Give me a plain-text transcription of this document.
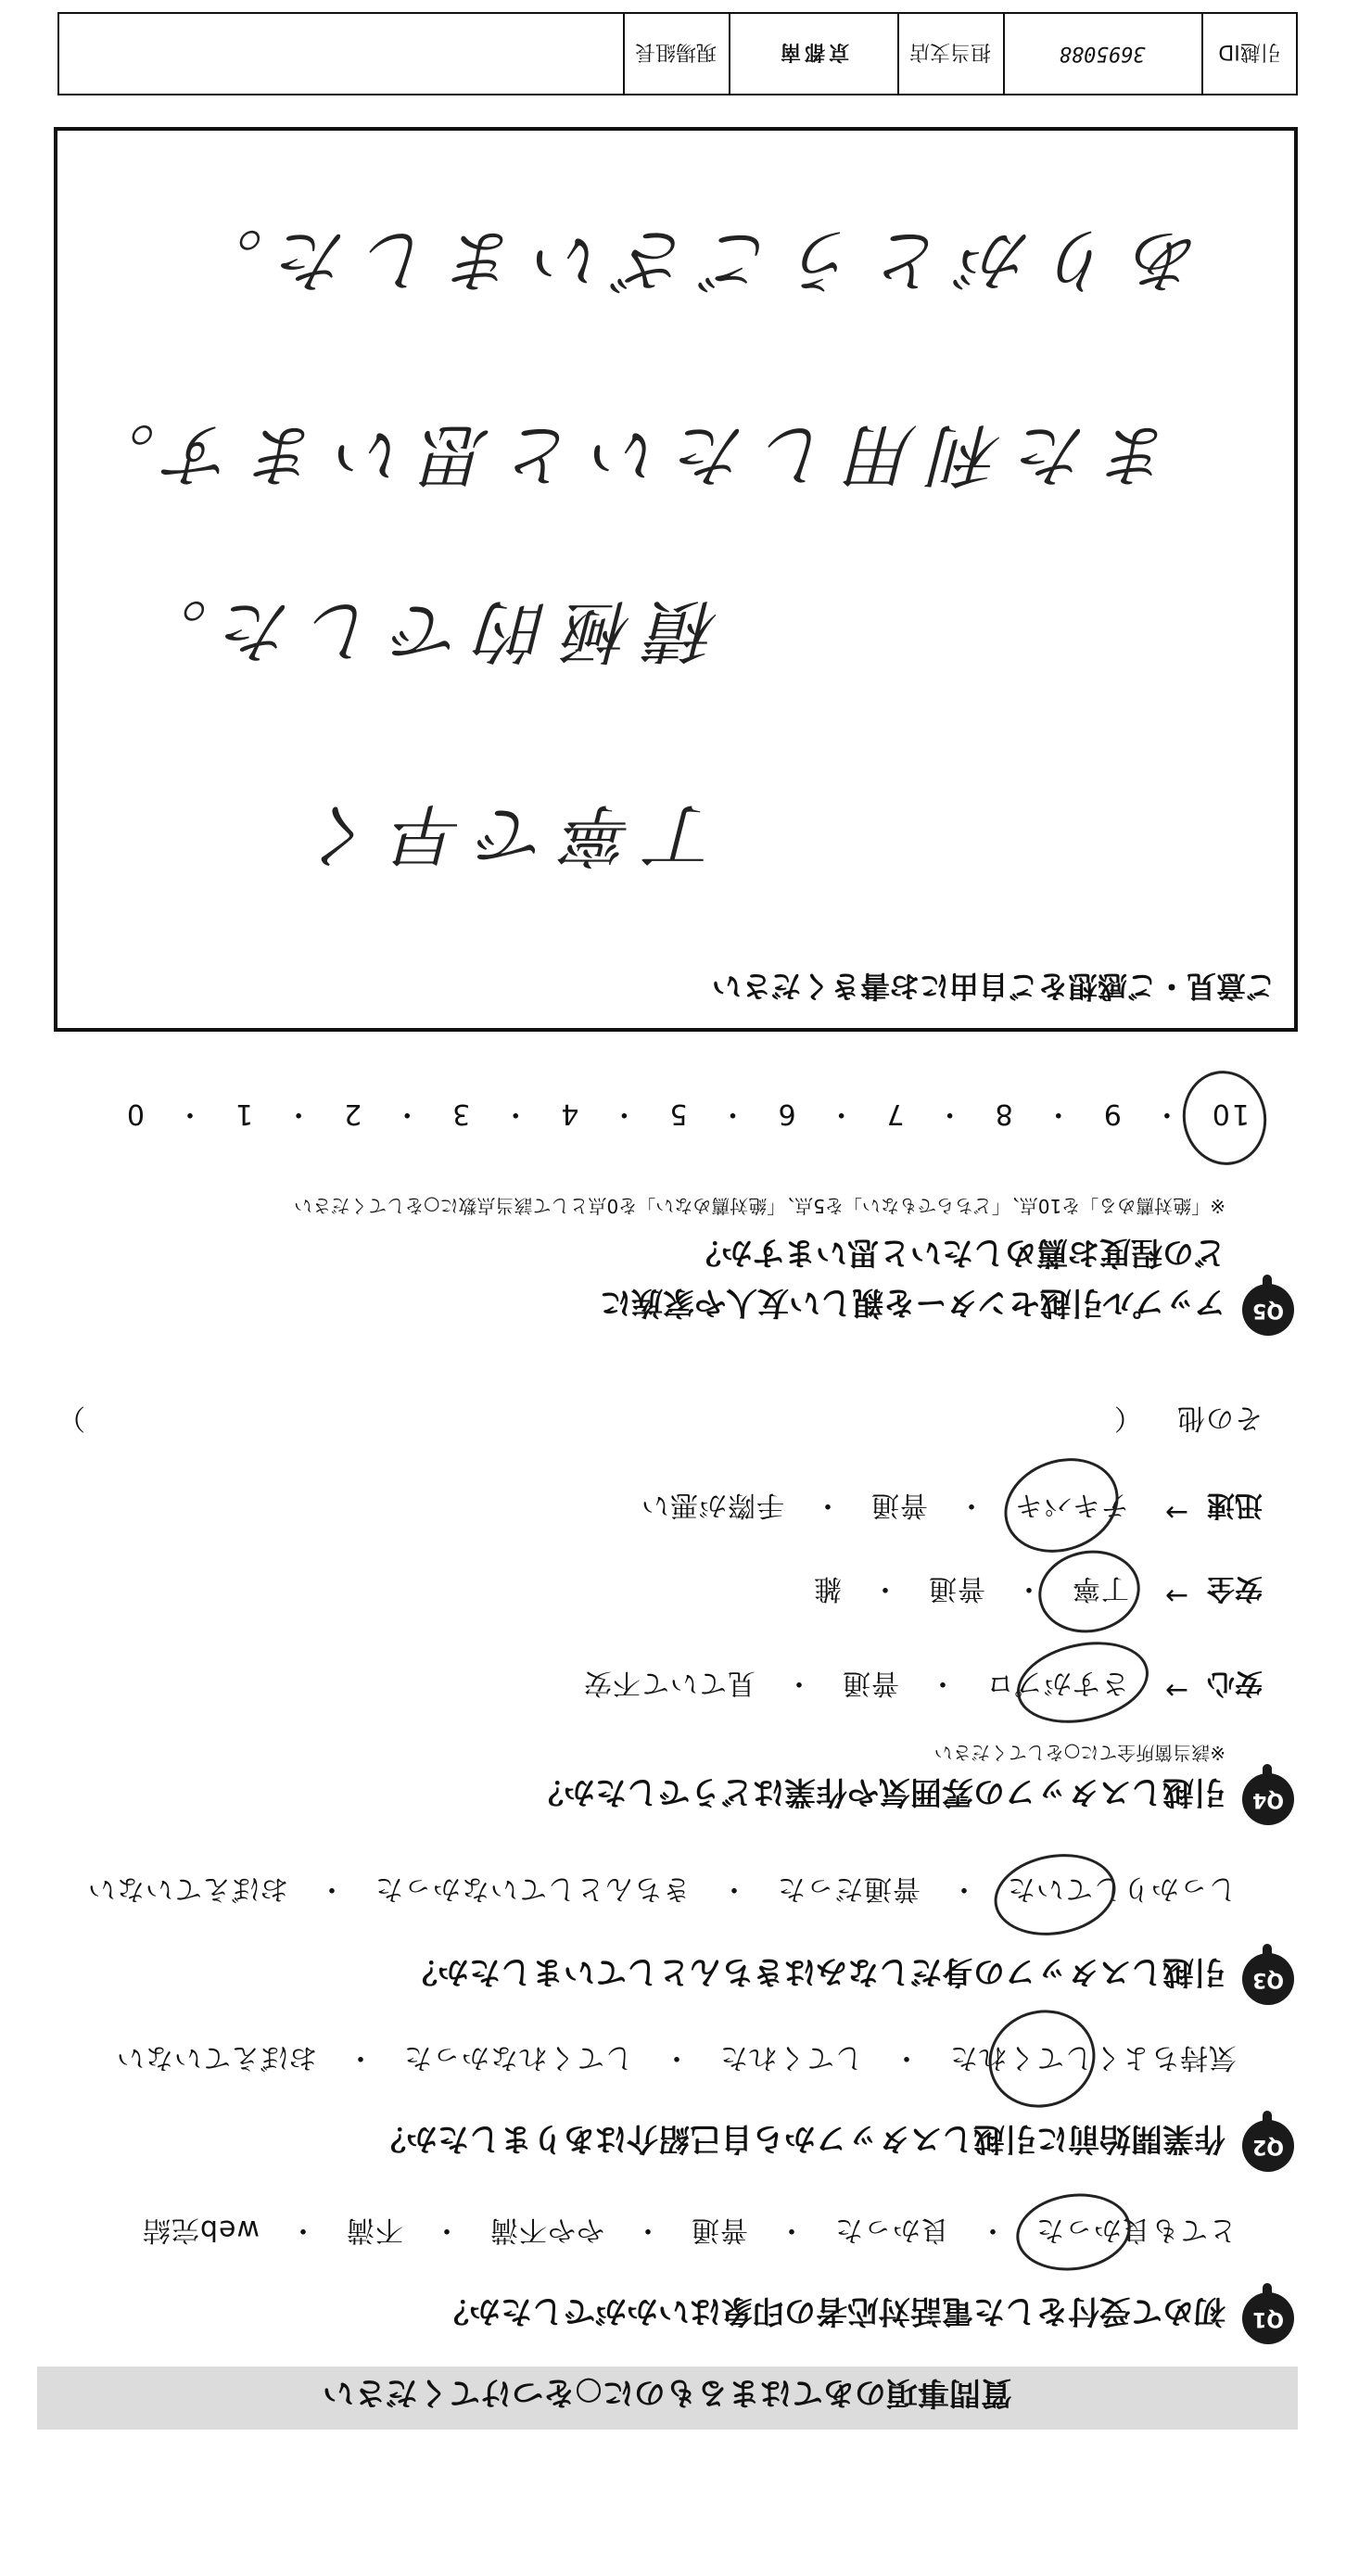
質問事項のあてはまるものに○をつけてください
Q1
初めて受付をした電話対応者の印象はいかがでしたか？
とても良かった　・　良かった　・　普通　・　やや不満　・　不満　・　web完結
Q2
作業開始前に引越しスタッフから自己紹介はありましたか？
気持ちよくしてくれた　・　してくれた　・　してくれなかった　・　おぼえていない
Q3
引越しスタッフの身だしなみはきちんとしていましたか？
しっかりしていた　・　普通だった　・　きちんとしていなかった　・　おぼえていない
Q4
引越しスタッフの雰囲気や作業はどうでしたか？
※該当箇所全てに○をしてください
安心
→
さすがプロ　・　普通　・　見ていて不安
安全
→
丁寧　・　普通　・　雑
迅速
→
テキパキ　・　普通　・　手際が悪い
その他
（
）
Q5
アップル引越センターを親しい友人や家族に
どの程度お薦めしたいと思いますか？
※「絶対薦める」を10点、「どちらでもない」を5点、「絶対薦めない」を0点として該当点数に○をしてください
10　・　9　・　8　・　7　・　6　・　5　・　4　・　3　・　2　・　1　・　0
ご意見・ご感想をご自由にお書きください
丁寧で早く
積極的でした。
また利用したいと思います。
ありがとうございました。
引越ID
3695088
担当支店
京都南
現場組長
